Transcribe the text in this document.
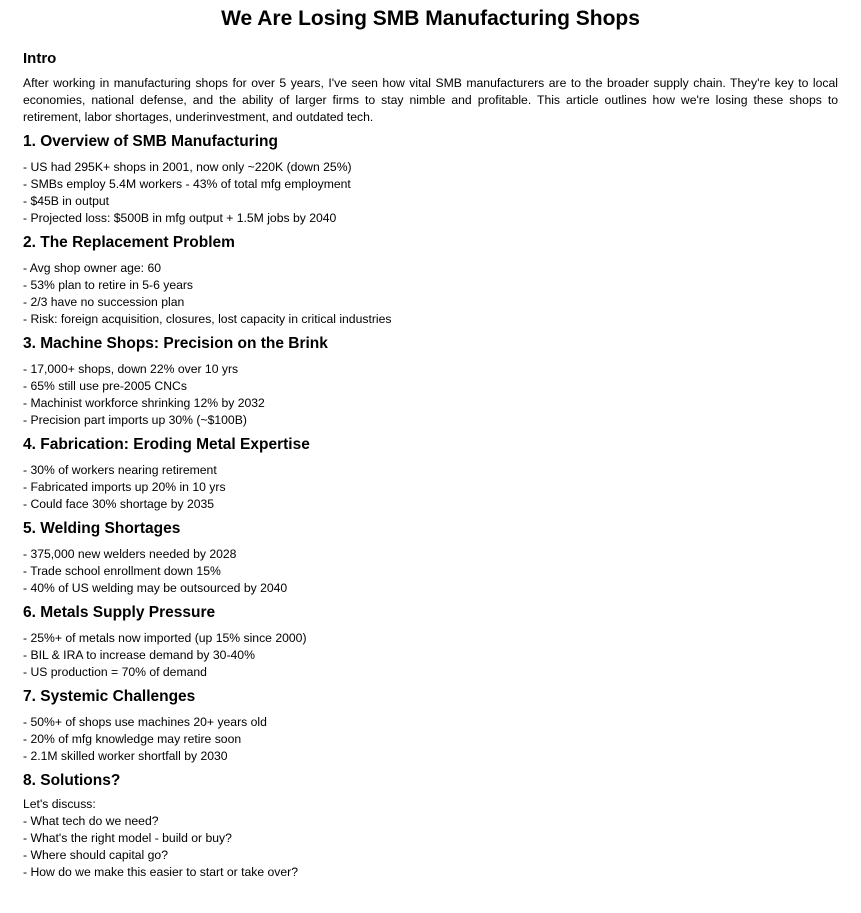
We Are Losing SMB Manufacturing Shops
Intro

After working in manufacturing shops for over 5 years, I've seen how vital SMB manufacturers are to the broader supply chain. They're key to local economies, national defense, and the ability of larger firms to stay nimble and profitable. This article outlines how we're losing these shops to retirement, labor shortages, underinvestment, and outdated tech.

1. Overview of SMB Manufacturing
- US had 295K+ shops in 2001, now only ~220K (down 25%)
- SMBs employ 5.4M workers - 43% of total mfg employment
- $45B in output
- Projected loss: $500B in mfg output + 1.5M jobs by 2040
2. The Replacement Problem
- Avg shop owner age: 60
- 53% plan to retire in 5-6 years
- 2/3 have no succession plan
- Risk: foreign acquisition, closures, lost capacity in critical industries
3. Machine Shops: Precision on the Brink
- 17,000+ shops, down 22% over 10 yrs
- 65% still use pre-2005 CNCs
- Machinist workforce shrinking 12% by 2032
- Precision part imports up 30% (~$100B)
4. Fabrication: Eroding Metal Expertise
- 30% of workers nearing retirement
- Fabricated imports up 20% in 10 yrs
- Could face 30% shortage by 2035
5. Welding Shortages
- 375,000 new welders needed by 2028
- Trade school enrollment down 15%
- 40% of US welding may be outsourced by 2040
6. Metals Supply Pressure
- 25%+ of metals now imported (up 15% since 2000)
- BIL & IRA to increase demand by 30-40%
- US production = 70% of demand
7. Systemic Challenges
- 50%+ of shops use machines 20+ years old
- 20% of mfg knowledge may retire soon
- 2.1M skilled worker shortfall by 2030
8. Solutions?

Let's discuss:

- What tech do we need?
- What's the right model - build or buy?
- Where should capital go?
- How do we make this easier to start or take over?
